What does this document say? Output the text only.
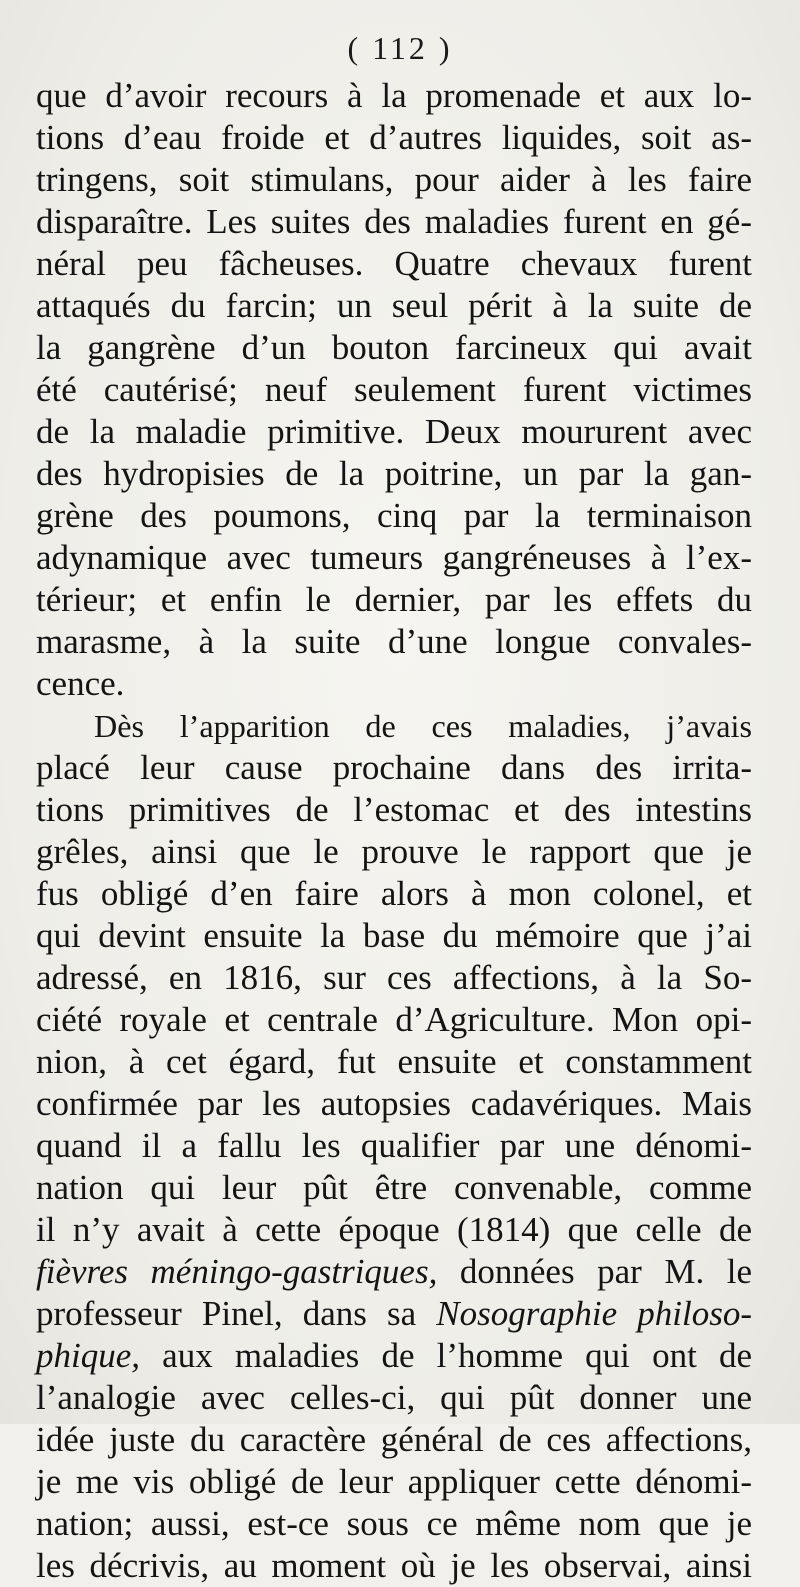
( 112 )
que d’avoir recours à la promenade et aux lo-
tions d’eau froide et d’autres liquides, soit as-
tringens, soit stimulans, pour aider à les faire
disparaître. Les suites des maladies furent en gé-
néral peu fâcheuses. Quatre chevaux furent
attaqués du farcin; un seul périt à la suite de
la gangrène d’un bouton farcineux qui avait
été cautérisé; neuf seulement furent victimes
de la maladie primitive. Deux moururent avec
des hydropisies de la poitrine, un par la gan-
grène des poumons, cinq par la terminaison
adynamique avec tumeurs gangréneuses à l’ex-
térieur; et enfin le dernier, par les effets du
marasme, à la suite d’une longue convales-
cence.
Dès l’apparition de ces maladies, j’avais
placé leur cause prochaine dans des irrita-
tions primitives de l’estomac et des intestins
grêles, ainsi que le prouve le rapport que je
fus obligé d’en faire alors à mon colonel, et
qui devint ensuite la base du mémoire que j’ai
adressé, en 1816, sur ces affections, à la So-
ciété royale et centrale d’Agriculture. Mon opi-
nion, à cet égard, fut ensuite et constamment
confirmée par les autopsies cadavériques. Mais
quand il a fallu les qualifier par une dénomi-
nation qui leur pût être convenable, comme
il n’y avait à cette époque (1814) que celle de
fièvres méningo-gastriques, données par M. le
professeur Pinel, dans sa Nosographie philoso-
phique, aux maladies de l’homme qui ont de
l’analogie avec celles-ci, qui pût donner une
idée juste du caractère général de ces affections,
je me vis obligé de leur appliquer cette dénomi-
nation; aussi, est-ce sous ce même nom que je
les décrivis, au moment où je les observai, ainsi
